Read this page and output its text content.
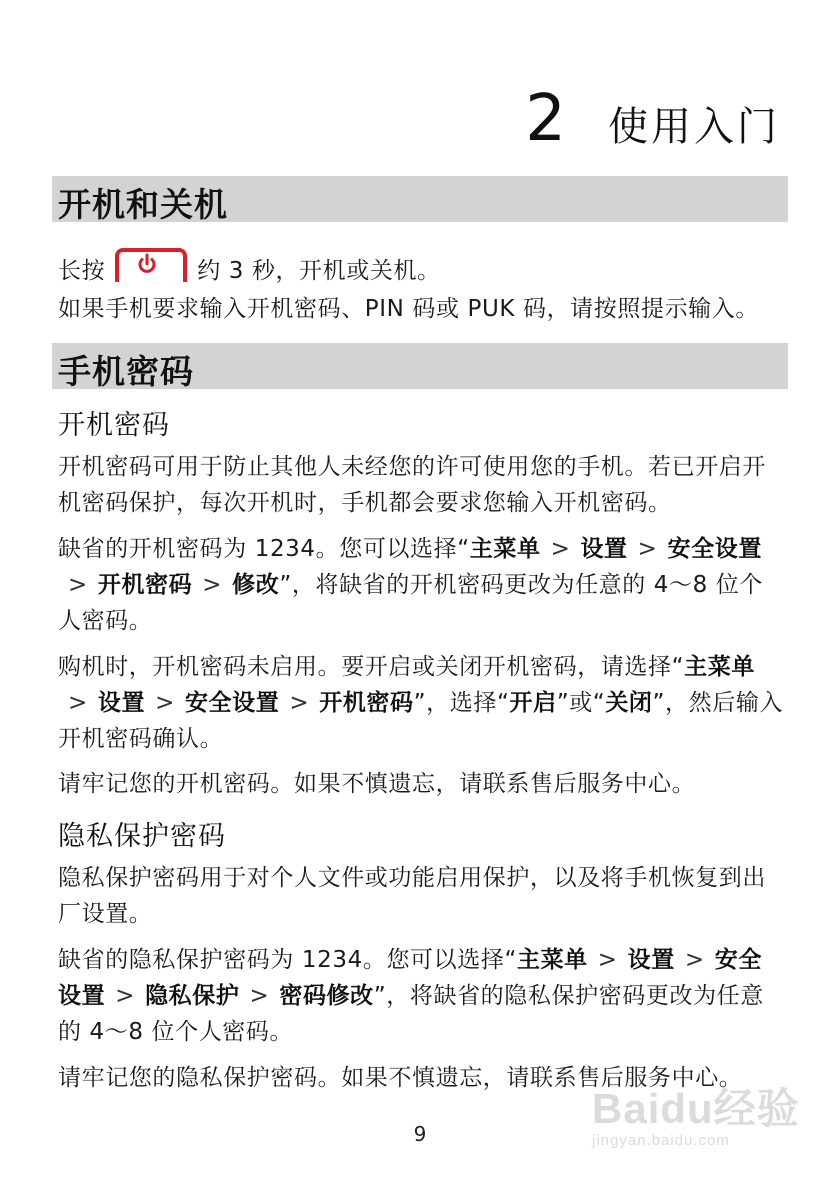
2 使用入门
开机和关机
长按	约 3 秒，开机或关机。
如果手机要求输入开机密码、PIN 码或 PUK 码，请按照提示输入。
手机密码
开机密码
开机密码可用于防止其他人未经您的许可使用您的手机。若已开启开机密码保护，每次开机时，手机都会要求您输入开机密码。
缺省的开机密码为 1234。您可以选择“主菜单 > 设置 > 安全设置> 开机密码 > 修改”，将缺省的开机密码更改为任意的 4～8 位个人密码。
购机时，开机密码未启用。要开启或关闭开机密码，请选择“主菜单> 设置 > 安全设置 > 开机密码”，选择“开启”或“关闭”，然后输入开机密码确认。
请牢记您的开机密码。如果不慎遗忘，请联系售后服务中心。
隐私保护密码
隐私保护密码用于对个人文件或功能启用保护，以及将手机恢复到出厂设置。
缺省的隐私保护密码为 1234。您可以选择“主菜单 > 设置 > 安全设置 > 隐私保护 > 密码修改”，将缺省的隐私保护密码更改为任意的 4～8 位个人密码。
请牢记您的隐私保护密码。如果不慎遗忘，请联系售后服务中心。
9
Baidu经验
jingyan.baidu.com
